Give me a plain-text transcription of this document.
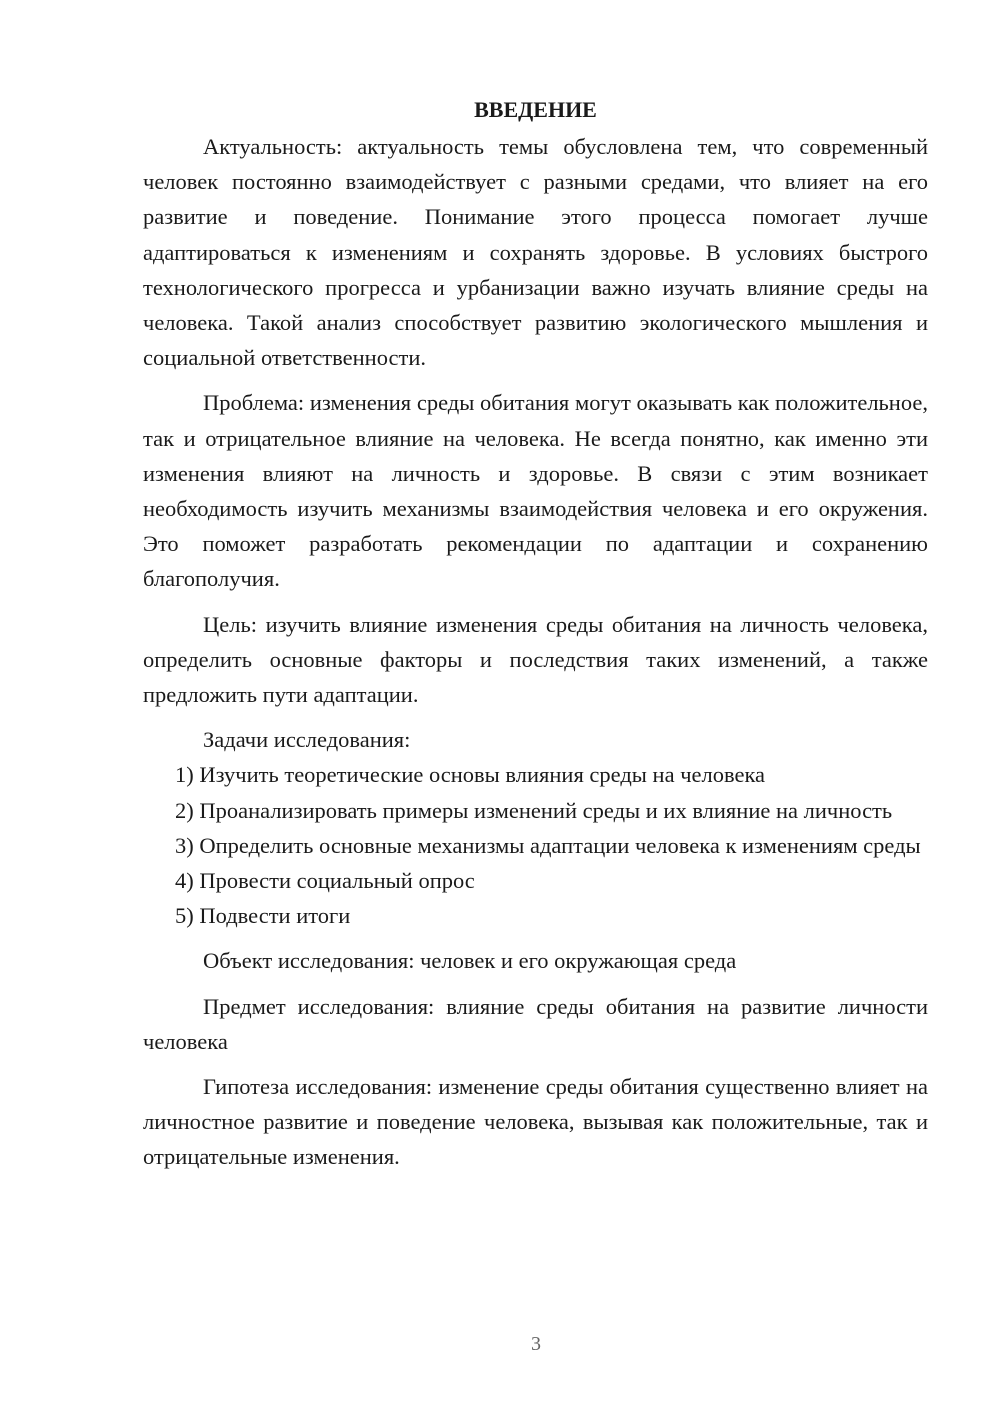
ВВЕДЕНИЕ

Актуальность: актуальность темы обусловлена тем, что современный человек постоянно взаимодействует с разными средами, что влияет на его развитие и поведение. Понимание этого процесса помогает лучше адаптироваться к изменениям и сохранять здоровье. В условиях быстрого технологического прогресса и урбанизации важно изучать влияние среды на человека. Такой анализ способствует развитию экологического мышления и социальной ответственности.

Проблема: изменения среды обитания могут оказывать как положительное, так и отрицательное влияние на человека. Не всегда понятно, как именно эти изменения влияют на личность и здоровье. В связи с этим возникает необходимость изучить механизмы взаимодействия человека и его окружения. Это поможет разработать рекомендации по адаптации и сохранению благополучия.

Цель: изучить влияние изменения среды обитания на личность человека, определить основные факторы и последствия таких изменений, а также предложить пути адаптации.

Задачи исследования:

1) Изучить теоретические основы влияния среды на человека

2) Проанализировать примеры изменений среды и их влияние на личность

3) Определить основные механизмы адаптации человека к изменениям среды

4) Провести социальный опрос

5) Подвести итоги

Объект исследования: человек и его окружающая среда

Предмет исследования: влияние среды обитания на развитие личности человека

Гипотеза исследования: изменение среды обитания существенно влияет на личностное развитие и поведение человека, вызывая как положительные, так и отрицательные изменения.

3
